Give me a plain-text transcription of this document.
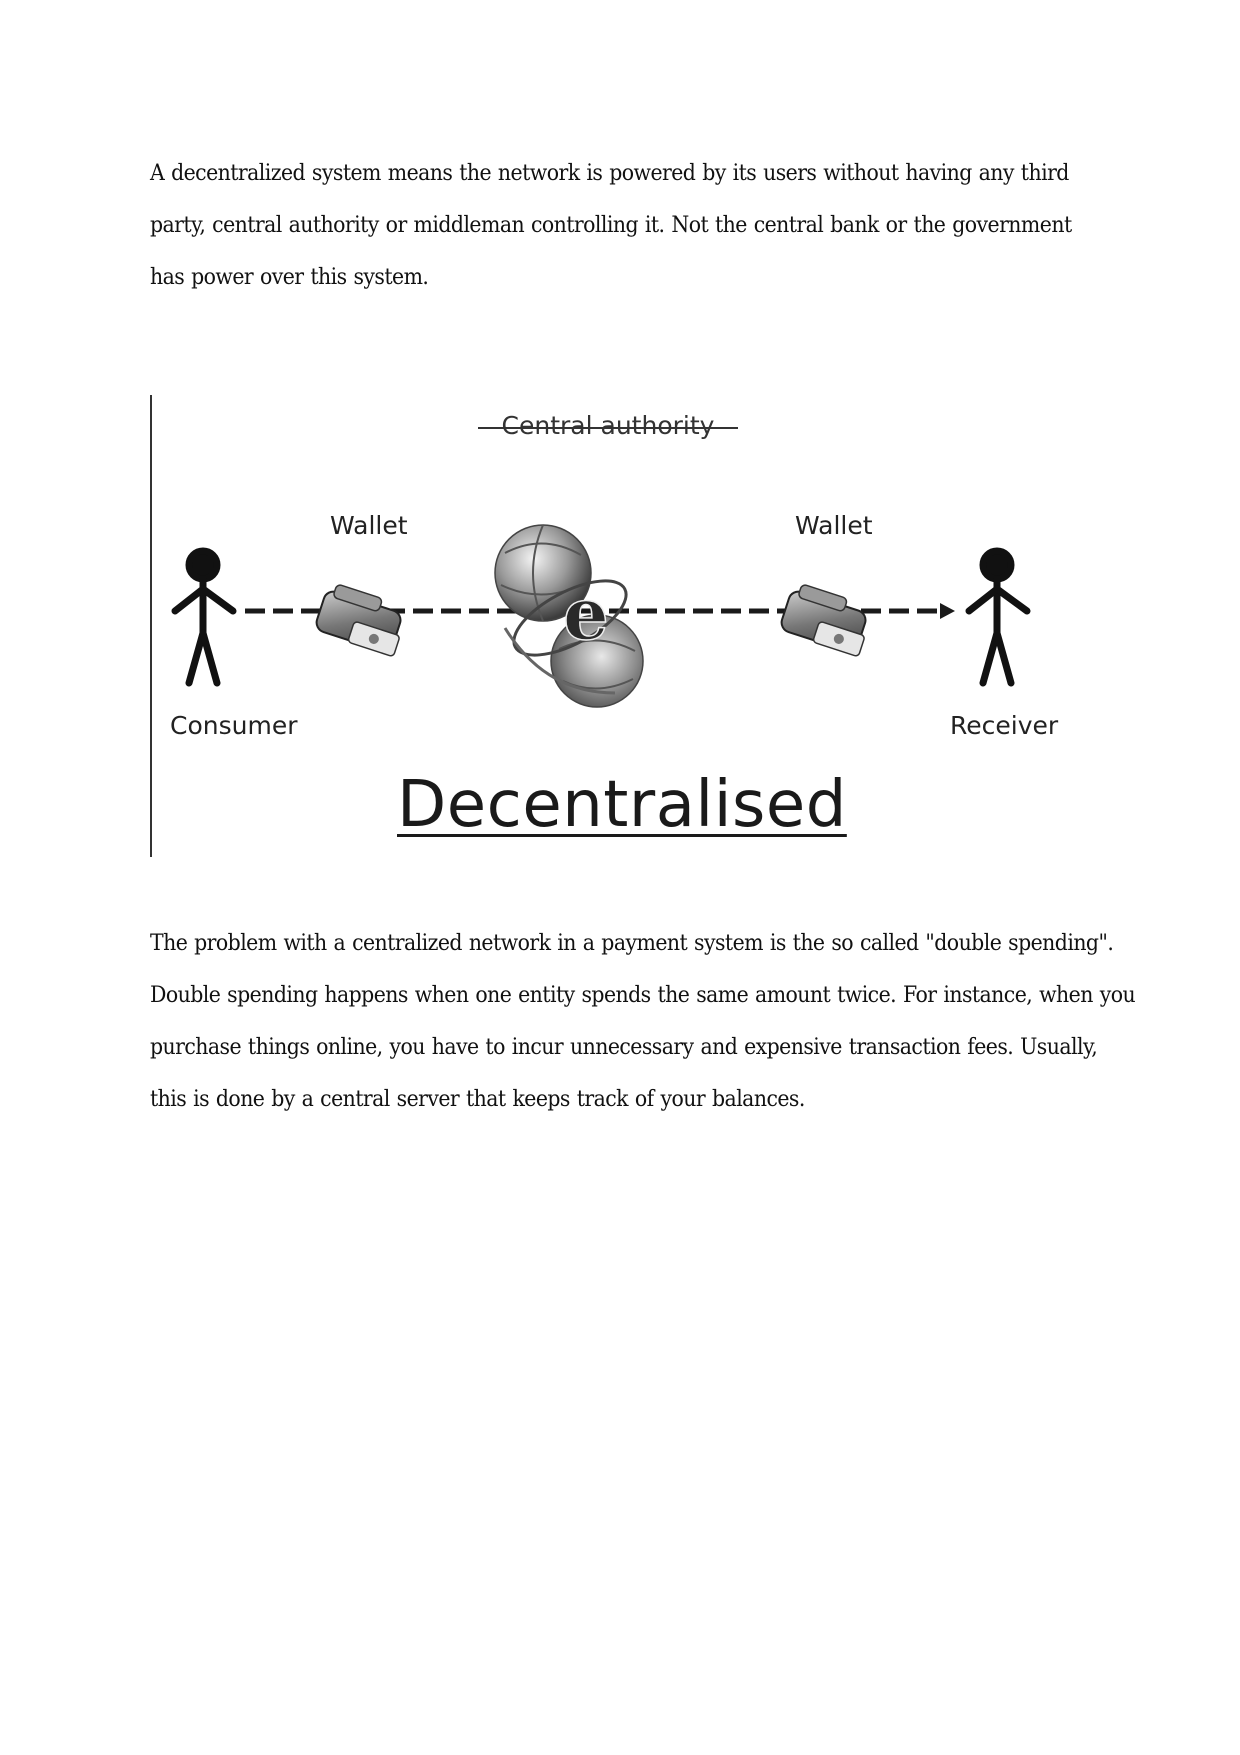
A decentralized system means the network is powered by its users without having any third
party, central authority or middleman controlling it. Not the central bank or the government
has power over this system.

e
Central authority
Wallet	Wallet
Consumer	Receiver
Decentralised

The problem with a centralized network in a payment system is the so called "double spending".
Double spending happens when one entity spends the same amount twice. For instance, when you
purchase things online, you have to incur unnecessary and expensive transaction fees. Usually,
this is done by a central server that keeps track of your balances.
